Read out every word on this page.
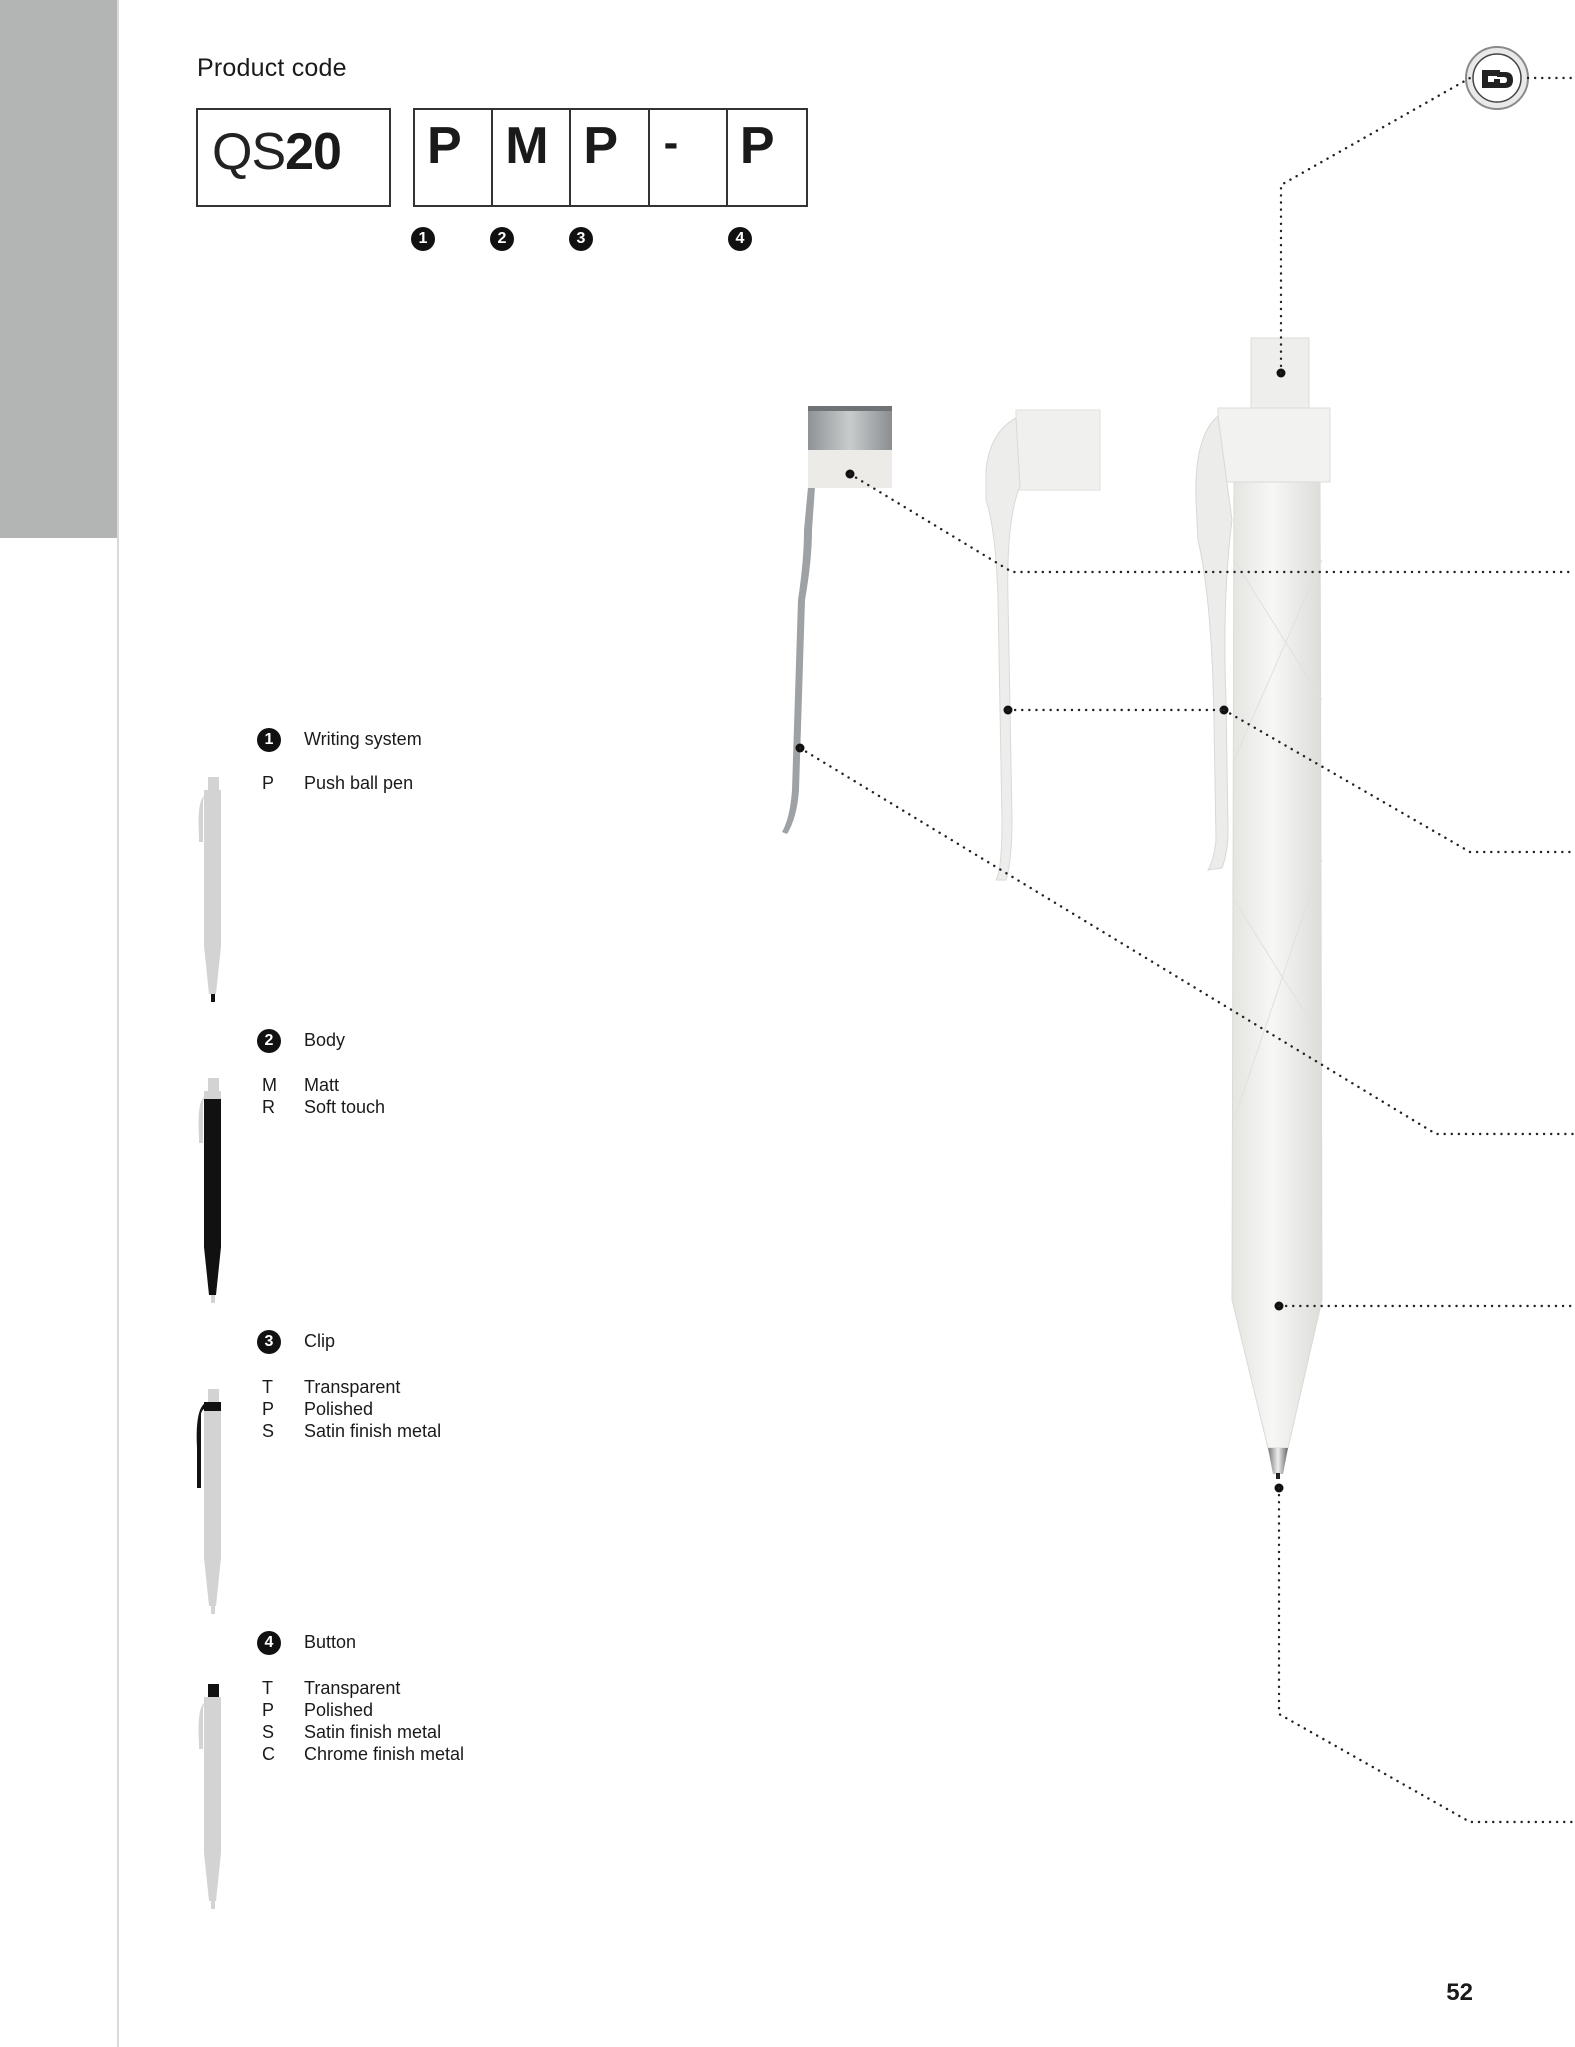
Product code
QS20 P M P - P
1	2	3	4
1	Writing system
P	Push ball pen
2	Body
M Matt
R	Soft touch
3	Clip
T	Transparent
P	Polished
S	Satin finish metal
4	Button
T	Transparent
P	Polished
S	Satin finish metal
C	Chrome finish metal
52
